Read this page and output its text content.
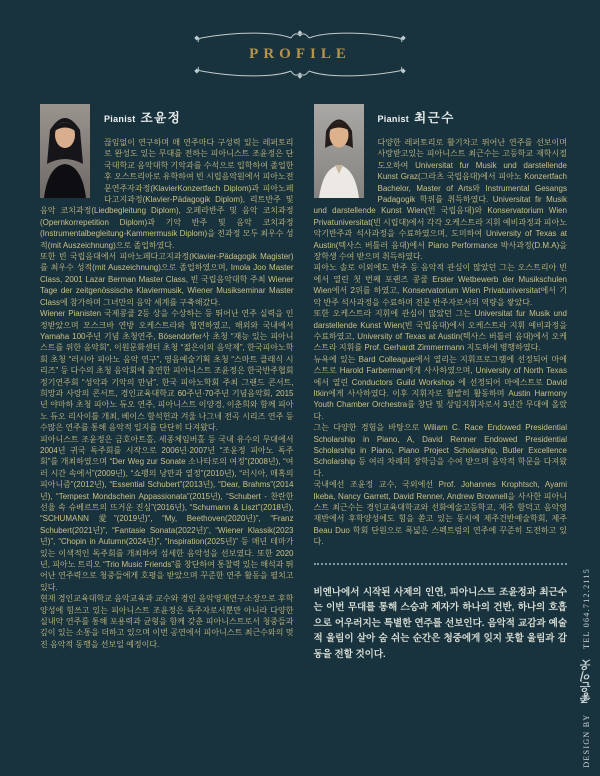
PROFILE
Pianist 조윤정

끊임없이 연구하며 매 연주마다 구성력 있는 레퍼토리로 완성도 있는 무대를 전하는 피아니스트 조윤정은 단국대학교 음악대학 기악과를 수석으로 입학하여 졸업한 후 오스트리아로 유학하여 빈 시립음악원에서 피아노전문연주자과정(KlavierKonzertfach Diplom)과 피아노페다고지과정(Klavier-Pädagogik Diplom), 리트반주 및 음악 코치과정(Liedbegleitung Diplom), 오페라반주 및 음악 코치과정(Opernkorrepetition Diplom)과 기악 반주 및 음악 코치과정(Instrumentalbegleitung-Kammermusik Diplom)을 전과정 모두 최우수 성적(mit Auszeichnung)으로 졸업하였다.

또한 빈 국립음대에서 피아노페다고지과정(Klavier-Pädagogik Magister)를 최우수 성적(mit Auszeichnung)으로 졸업하였으며, Imola Joo Master Class, 2001 Lazar Berman Master Class, 빈 국립음악대학 주최 Wiener Tage der zeitgenössische Klaviermusik, Wiener Musikseminar Master Class에 참가하며 그녀만의 음악 세계를 구축해갔다.

Wiener Pianisten 국제콩쿨 2등 상을 수상하는 등 뛰어난 연주 실력을 인정받았으며 모스크바 연방 오케스트라와 협연하였고, 해외와 국내에서 Yamaha 100주년 기념 초청연주, Bösendorfer사 초청 “재능 있는 피아니스트를 위한 음악회”, 이원문화센터 초청 “젊은이의 음악제”, 한국피아노학회 초청 “러시아 피아노 음악 연구”, 영음예술기획 초청 “스마트 클래식 시리즈” 등 다수의 초청 음악회에 출연한 피아니스트 조윤정은 한국반주협회 정기연주회 “성악과 기악의 만남”, 한국 피아노학회 주최 그랜드 콘서트, 희망과 사랑의 콘서트, 경인교육대학교 60주년·70주년 기념음악회, 2015년 야마하 초청 피아노 듀오 연주, 피아니스트 이양경, 이춘희와 함께 피아노 듀오 리사이틀 개최, 베이스 함석헌과 겨울 나그네 전곡 시리즈 연주 등 수많은 연주를 통해 음악적 입지를 단단히 다져왔다.

피아니스트 조윤정은 금호아트홀, 세종체임버홀 등 국내 유수의 무대에서 2004년 귀국 독주회를 시작으로 2006년·2007년 “조윤정 피아노 독주회”를 개최하였으며 “Der Weg zur Sonate 소나타로의 여정”(2008년), “여러 시간 속에서”(2009년), “쇼팽의 낭만과 열정”(2010년), “러시아, 매혹의 피아니즘”(2012년), “Essential Schubert”(2013년), “Dear, Brahms”(2014년), “Tempest Mondschein Appassionata”(2015년), “Schubert - 찬란한 선율 속 슈베르트의 뜨거운 진심”(2016년), “Schumann & Liszt”(2018년), “SCHUMANN 愛”(2019년)”, “My, Beethoven(2020년)”, “Franz Schubert(2021년)”, “Fantasie Sonata(2022년)”, “Wiener Klassik(2023년)”, “Chopin in Autumn(2024년)”, “Inspiration(2025년)” 등 매년 테마가 있는 이색적인 독주회를 개최하여 섬세한 음악성을 선보였다. 또한 2020년, 피아노 트리오 “Trio Music Friends”를 창단하여 통찰력 있는 해석과 뛰어난 연주력으로 청중들에게 호평을 받았으며 꾸준한 연주 활동을 펼치고 있다.

현재 경인교육대학교 음악교육과 교수와 경인 음악영재연구소장으로 후학 양성에 힘쓰고 있는 피아니스트 조윤정은 독주자로서뿐만 아니라 다양한 실내악 연주를 통해 포용력과 균형을 함께 갖춘 피아니스트로서 청중들과 깊이 있는 소통을 더하고 있으며 이번 공연에서 피아니스트 최근수와의 멋진 음악적 동행을 선보일 예정이다.

Pianist 최근수

다양한 레퍼토리로 활기차고 뛰어난 연주를 선보이며 사랑받고있는 피아니스트 최근수는 고등학교 재학시절 도오하여 Universitat fur Musik und darstellende Kunst Graz(그라츠 국립음대)에서 피아노 Konzertfach Bachelor, Master of Arts와 Instrumental Gesangs Padagogik 학위를 취득하였다. Universitat fir Musik und darstellende Kunst Wien(빈 국립음대)와 Konservatorium Wien Privatuniversitat(빈 시립대)에서 각각 오케스트라 지휘 예비과정과 피아노 악기반주과 석사과정을 수료하였으며, 도미하여 University of Texas at Austin(텍사스 버틀러 음대)에서 Piano Performance 박사과정(D.M.A)을 장학생 수여 받으며 취득하였다.

피아노 솔로 이외에도 반주 등 음악적 관심이 많았던 그는 오스트리아 빈에서 열린 첫 번째 포랜즈 콩쿨 Erster Wetbewerb der Musikschulen Wien에서 2위를 하였고, Konservatorium Wien Privatuniversitat에서 기악 반주 석사과정을 수료하며 전문 반주자로서의 역량을 쌓았다.

또한 오케스트라 지휘에 관심이 많았던 그는 Universitat fur Musik und darstellende Kunst Wien(빈 국립음대)에서 오케스트라 지휘 예비과정을 수료하였고, University of Texas at Austin(텍사스 버틀러 음대)에서 오케스트라 지휘를 Prof. Gerhardt Zimmermann 지도하에 병행하였다.

뉴욕에 있는 Bard Colleague에서 열리는 지휘프로그램에 선정되어 마에스트로 Harold Farberman에게 사사하였으며, University of North Texas에서 열린 Conductors Guild Workshop 에 선정되어 마에스트로 David Itkin에게 사사하였다. 이후 지휘자로 활발히 활동하며 Austin Harmony Youth Chamber Orchestra를 창단 및 상임지휘자로서 3년간 무대에 올랐다.

그는 다양한 경험을 바탕으로 Wiliam C. Race Endowed Presidential Scholarship in Piano, A, David Renner Endowed Presidential Scholarship in Piano, Piano Project Scholarship, Butler Excellence Scholarship 등 여러 차례의 장학금을 수여 받으며 음악적 학문을 다져왔다.

국내에선 조윤정 교수, 국외에선 Prof. Johannes Krophtsch, Ayami Ikeba, Nancy Garrett, David Renner, Andrew Brownell을 사사한 피아니스트 최근수는 경인교육대학교와 선화예술고등학교, 제주 함덕고 음악영재반에서 후학양성에도 힘을 쏟고 있는 동시에 제주건반예술학회, 제주 Beau Duo 학회 단원으로 폭넓은 스펙트럼의 연주에 꾸준히 도전하고 있다.

비엔나에서 시작된 사제의 인연, 피아니스트 조윤정과 최근수는 이번 무대를 통해 스승과 제자가 하나의 건반, 하나의 호흡으로 어우러지는 특별한 연주를 선보인다. 음악적 교감과 예술적 울림이 살아 숨 쉬는 순간은 청중에게 잊지 못할 울림과 감동을 전할 것이다.

DESIGN BY 좋은이웃 TEL 064.712.2115
